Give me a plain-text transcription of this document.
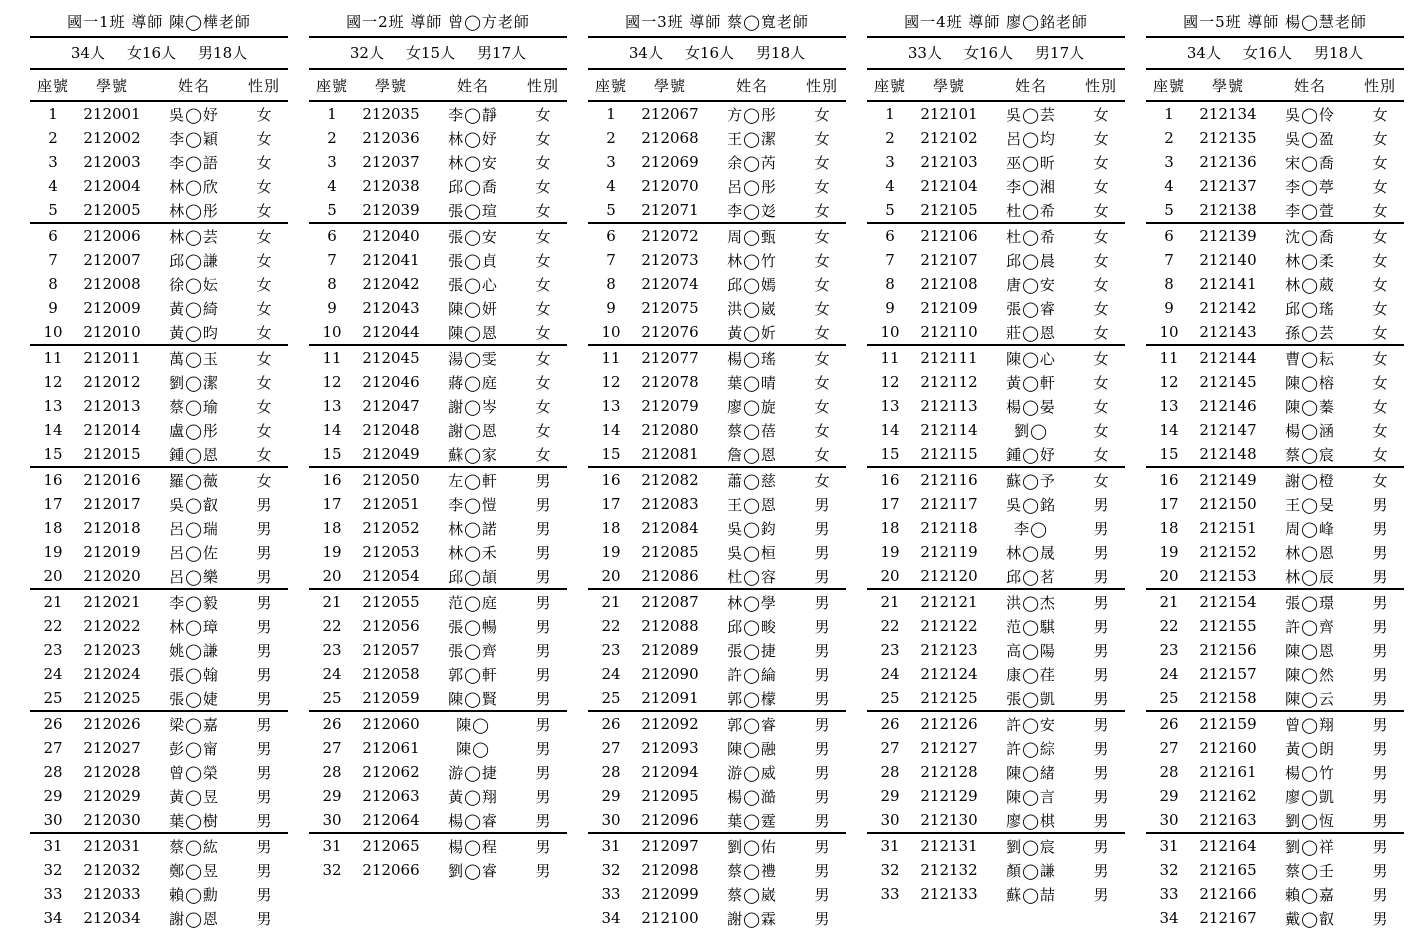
國一1班 導師 陳◯樺老師
34人 女16人 男18人
座號	學號	姓名	性別
1	212001	吳◯妤	女
2	212002	李◯穎	女
3	212003	李◯語	女
4	212004	林◯欣	女
5	212005	林◯彤	女
6	212006	林◯芸	女
7	212007	邱◯謙	女
8	212008	徐◯妘	女
9	212009	黃◯綺	女
10	212010	黃◯昀	女
11	212011	萬◯玉	女
12	212012	劉◯潔	女
13	212013	蔡◯瑜	女
14	212014	盧◯彤	女
15	212015	鍾◯恩	女
16	212016	羅◯薇	女
17	212017	吳◯叡	男
18	212018	呂◯瑞	男
19	212019	呂◯佐	男
20	212020	呂◯樂	男
21	212021	李◯毅	男
22	212022	林◯璋	男
23	212023	姚◯謙	男
24	212024	張◯翰	男
25	212025	張◯婕	男
26	212026	梁◯嘉	男
27	212027	彭◯甯	男
28	212028	曾◯榮	男
29	212029	黃◯昱	男
30	212030	葉◯樹	男
31	212031	蔡◯紘	男
32	212032	鄭◯昱	男
33	212033	賴◯勳	男
34	212034	謝◯恩	男
國一2班 導師 曾◯方老師
32人 女15人 男17人
座號	學號	姓名	性別
1	212035	李◯靜	女
2	212036	林◯妤	女
3	212037	林◯安	女
4	212038	邱◯喬	女
5	212039	張◯瑄	女
6	212040	張◯安	女
7	212041	張◯貞	女
8	212042	張◯心	女
9	212043	陳◯妍	女
10	212044	陳◯恩	女
11	212045	湯◯雯	女
12	212046	蔣◯庭	女
13	212047	謝◯岑	女
14	212048	謝◯恩	女
15	212049	蘇◯家	女
16	212050	左◯軒	男
17	212051	李◯愷	男
18	212052	林◯諾	男
19	212053	林◯禾	男
20	212054	邱◯頡	男
21	212055	范◯庭	男
22	212056	張◯暢	男
23	212057	張◯齊	男
24	212058	郭◯軒	男
25	212059	陳◯賢	男
26	212060	陳◯	男
27	212061	陳◯	男
28	212062	游◯捷	男
29	212063	黃◯翔	男
30	212064	楊◯睿	男
31	212065	楊◯程	男
32	212066	劉◯睿	男
國一3班 導師 蔡◯寬老師
34人 女16人 男18人
座號	學號	姓名	性別
1	212067	方◯彤	女
2	212068	王◯潔	女
3	212069	余◯芮	女
4	212070	呂◯彤	女
5	212071	李◯彣	女
6	212072	周◯甄	女
7	212073	林◯竹	女
8	212074	邱◯嫣	女
9	212075	洪◯崴	女
10	212076	黃◯妡	女
11	212077	楊◯瑤	女
12	212078	葉◯晴	女
13	212079	廖◯旋	女
14	212080	蔡◯蓓	女
15	212081	詹◯恩	女
16	212082	蕭◯慈	女
17	212083	王◯恩	男
18	212084	吳◯鈞	男
19	212085	吳◯桓	男
20	212086	杜◯容	男
21	212087	林◯學	男
22	212088	邱◯畯	男
23	212089	張◯捷	男
24	212090	許◯綸	男
25	212091	郭◯檬	男
26	212092	郭◯睿	男
27	212093	陳◯融	男
28	212094	游◯威	男
29	212095	楊◯澔	男
30	212096	葉◯霆	男
31	212097	劉◯佑	男
32	212098	蔡◯禮	男
33	212099	蔡◯崴	男
34	212100	謝◯霖	男
國一4班 導師 廖◯銘老師
33人 女16人 男17人
座號	學號	姓名	性別
1	212101	吳◯芸	女
2	212102	呂◯均	女
3	212103	巫◯昕	女
4	212104	李◯湘	女
5	212105	杜◯希	女
6	212106	杜◯希	女
7	212107	邱◯晨	女
8	212108	唐◯安	女
9	212109	張◯睿	女
10	212110	莊◯恩	女
11	212111	陳◯心	女
12	212112	黃◯軒	女
13	212113	楊◯晏	女
14	212114	劉◯	女
15	212115	鍾◯妤	女
16	212116	蘇◯予	女
17	212117	吳◯銘	男
18	212118	李◯	男
19	212119	林◯晟	男
20	212120	邱◯茗	男
21	212121	洪◯杰	男
22	212122	范◯騏	男
23	212123	高◯陽	男
24	212124	康◯荏	男
25	212125	張◯凱	男
26	212126	許◯安	男
27	212127	許◯綜	男
28	212128	陳◯緒	男
29	212129	陳◯言	男
30	212130	廖◯棋	男
31	212131	劉◯宸	男
32	212132	顏◯謙	男
33	212133	蘇◯喆	男
國一5班 導師 楊◯慧老師
34人 女16人 男18人
座號	學號	姓名	性別
1	212134	吳◯伶	女
2	212135	吳◯盈	女
3	212136	宋◯喬	女
4	212137	李◯葶	女
5	212138	李◯萱	女
6	212139	沈◯喬	女
7	212140	林◯柔	女
8	212141	林◯葳	女
9	212142	邱◯瑤	女
10	212143	孫◯芸	女
11	212144	曹◯耘	女
12	212145	陳◯榕	女
13	212146	陳◯蓁	女
14	212147	楊◯涵	女
15	212148	蔡◯宸	女
16	212149	謝◯橙	女
17	212150	王◯旻	男
18	212151	周◯峰	男
19	212152	林◯恩	男
20	212153	林◯辰	男
21	212154	張◯璟	男
22	212155	許◯齊	男
23	212156	陳◯恩	男
24	212157	陳◯然	男
25	212158	陳◯云	男
26	212159	曾◯翔	男
27	212160	黃◯朗	男
28	212161	楊◯竹	男
29	212162	廖◯凱	男
30	212163	劉◯恆	男
31	212164	劉◯祥	男
32	212165	蔡◯壬	男
33	212166	賴◯嘉	男
34	212167	戴◯叡	男
